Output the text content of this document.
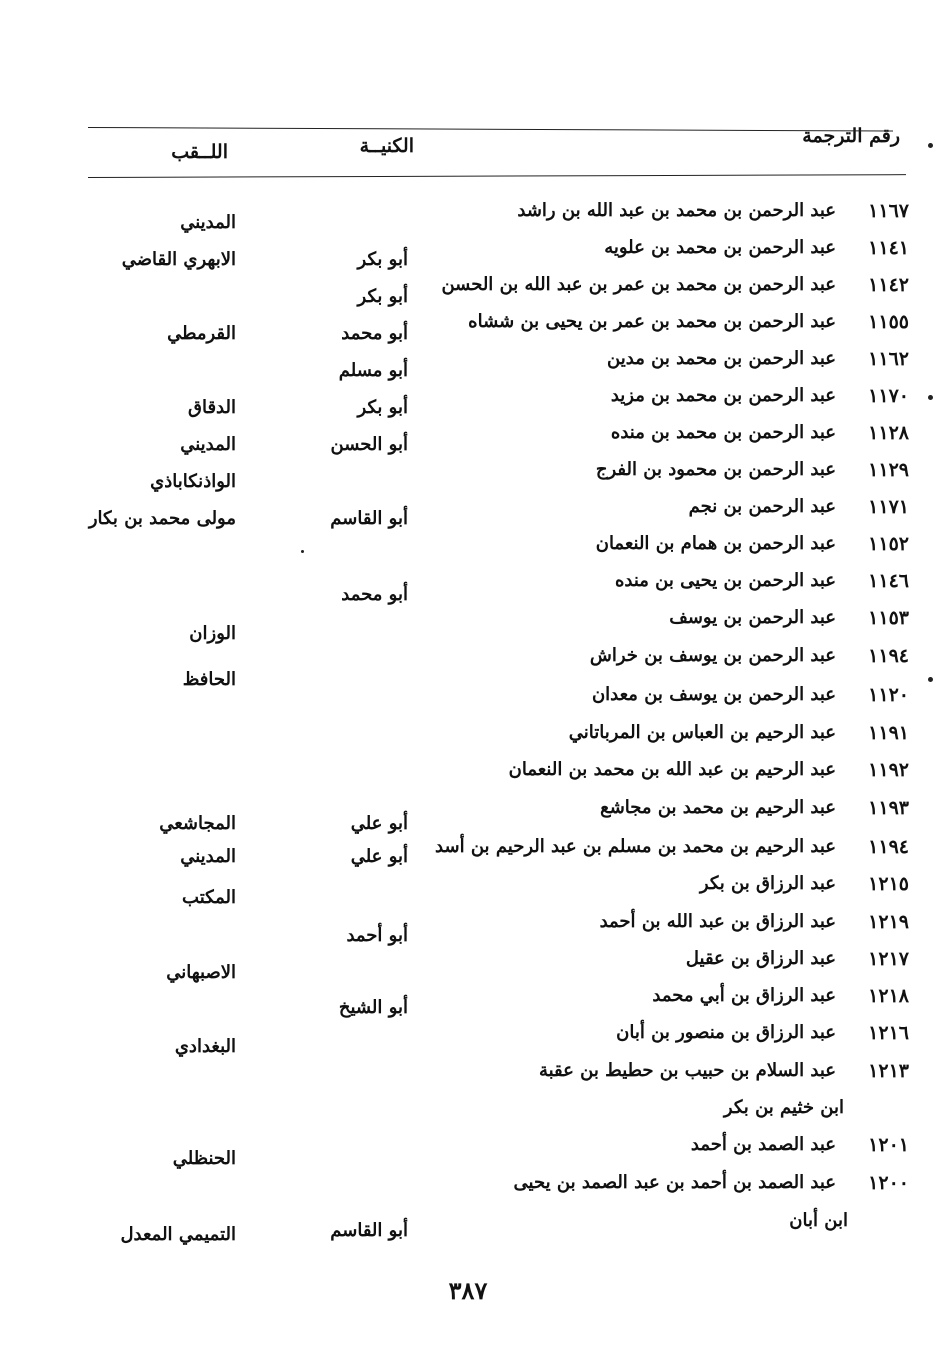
رقم الترجمة
الكنيــة
اللــقب
١١٦٧
عبد الرحمن بن محمد بن عبد الله بن راشد
المديني
١١٤١
عبد الرحمن بن محمد بن علويه
أبو بكر
الابهري القاضي
١١٤٢
عبد الرحمن بن محمد بن عمر بن عبد الله بن الحسن
أبو بكر
١١٥٥
عبد الرحمن بن محمد بن عمر بن يحيى بن ششاه
أبو محمد
القرمطي
١١٦٢
عبد الرحمن بن محمد بن مدين
أبو مسلم
١١٧٠
عبد الرحمن بن محمد بن مزيد
أبو بكر
الدقاق
١١٢٨
عبد الرحمن بن محمد بن منده
أبو الحسن
المديني
١١٢٩
عبد الرحمن بن محمود بن الفرج
الواذنكاباذي
١١٧١
عبد الرحمن بن نجم
أبو القاسم
مولى محمد بن بكار
١١٥٢
عبد الرحمن بن همام بن النعمان
١١٤٦
عبد الرحمن بن يحيى بن منده
أبو محمد
١١٥٣
عبد الرحمن بن يوسف
الوزان
١١٩٤
عبد الرحمن بن يوسف بن خراش
الحافظ
١١٢٠
عبد الرحمن بن يوسف بن معدان
١١٩١
عبد الرحيم بن العباس بن المرباتاني
١١٩٢
عبد الرحيم بن عبد الله بن محمد بن النعمان
١١٩٣
عبد الرحيم بن محمد بن مجاشع
أبو علي
المجاشعي
١١٩٤
عبد الرحيم بن محمد بن مسلم بن عبد الرحيم بن أسد
أبو علي
المديني
١٢١٥
عبد الرزاق بن بكر
المكتب
١٢١٩
عبد الرزاق بن عبد الله بن أحمد
أبو أحمد
١٢١٧
عبد الرزاق بن عقيل
الاصبهاني
١٢١٨
عبد الرزاق بن أبي محمد
أبو الشيخ
١٢١٦
عبد الرزاق بن منصور بن أبان
البغدادي
١٢١٣
عبد السلام بن حبيب بن حطيط بن عقبة
ابن خثيم بن بكر
١٢٠١
عبد الصمد بن أحمد
الحنظلي
١٢٠٠
عبد الصمد بن أحمد بن عبد الصمد بن يحيى
ابن أبان
أبو القاسم
التميمي المعدل
٣٨٧
